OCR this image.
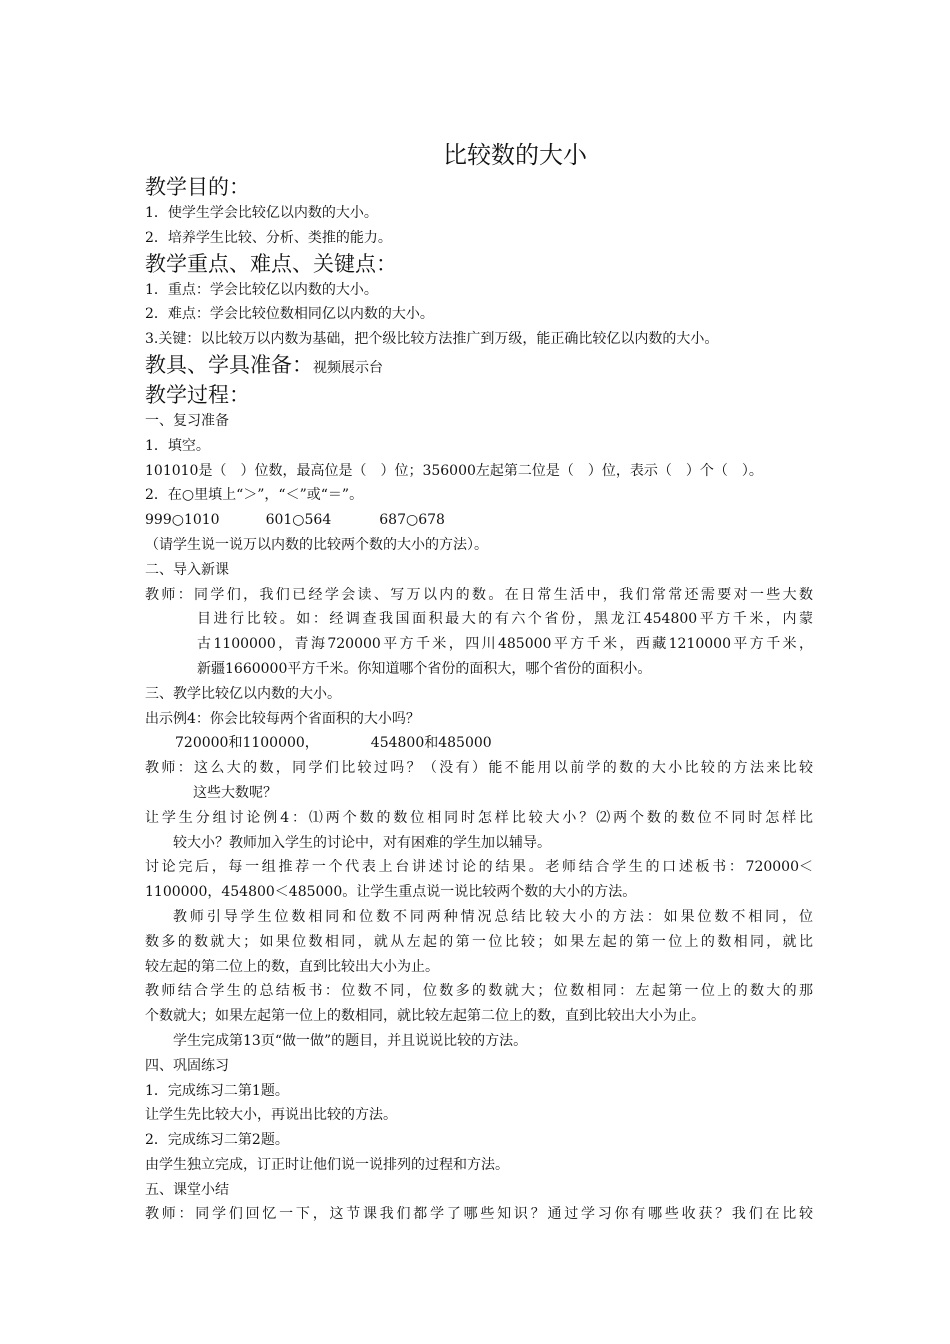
比较数的大小

教学目的：

1．使学生学会比较亿以内数的大小。

2．培养学生比较、分析、类推的能力。

教学重点、难点、关键点：

1．重点：学会比较亿以内数的大小。

2．难点：学会比较位数相同亿以内数的大小。

3.关键：以比较万以内数为基础，把个级比较方法推广到万级，能正确比较亿以内数的大小。

教具、学具准备：视频展示台

教学过程：

一、复习准备

1．填空。

101010是（　）位数，最高位是（　）位；356000左起第二位是（　）位，表示（　）个（　）。

2．在○里填上“＞”，“＜”或“＝”。

999○1010	601○564	687○678

（请学生说一说万以内数的比较两个数的大小的方法）。

二、导入新课

教师：同学们，我们已经学会读、写万以内的数。在日常生活中，我们常常还需要对一些大数

目进行比较。如：经调查我国面积最大的有六个省份，黑龙江454800平方千米，内蒙

古1100000，青海720000平方千米，四川485000平方千米，西藏1210000平方千米，

新疆1660000平方千米。你知道哪个省份的面积大，哪个省份的面积小。

三、教学比较亿以内数的大小。

出示例4：你会比较每两个省面积的大小吗？

720000和1100000，	454800和485000

教师：这么大的数，同学们比较过吗？（没有）能不能用以前学的数的大小比较的方法来比较

这些大数呢？

让学生分组讨论例4：⑴两个数的数位相同时怎样比较大小？⑵两个数的数位不同时怎样比

较大小？教师加入学生的讨论中，对有困难的学生加以辅导。

讨论完后，每一组推荐一个代表上台讲述讨论的结果。老师结合学生的口述板书：720000＜

1100000，454800＜485000。让学生重点说一说比较两个数的大小的方法。

教师引导学生位数相同和位数不同两种情况总结比较大小的方法：如果位数不相同，位

数多的数就大；如果位数相同，就从左起的第一位比较；如果左起的第一位上的数相同，就比

较左起的第二位上的数，直到比较出大小为止。

教师结合学生的总结板书：位数不同，位数多的数就大；位数相同：左起第一位上的数大的那

个数就大；如果左起第一位上的数相同，就比较左起第二位上的数，直到比较出大小为止。

学生完成第13页“做一做”的题目，并且说说比较的方法。

四、巩固练习

1．完成练习二第1题。

让学生先比较大小，再说出比较的方法。

2．完成练习二第2题。

由学生独立完成，订正时让他们说一说排列的过程和方法。

五、课堂小结

教师：同学们回忆一下，这节课我们都学了哪些知识？通过学习你有哪些收获？我们在比较
